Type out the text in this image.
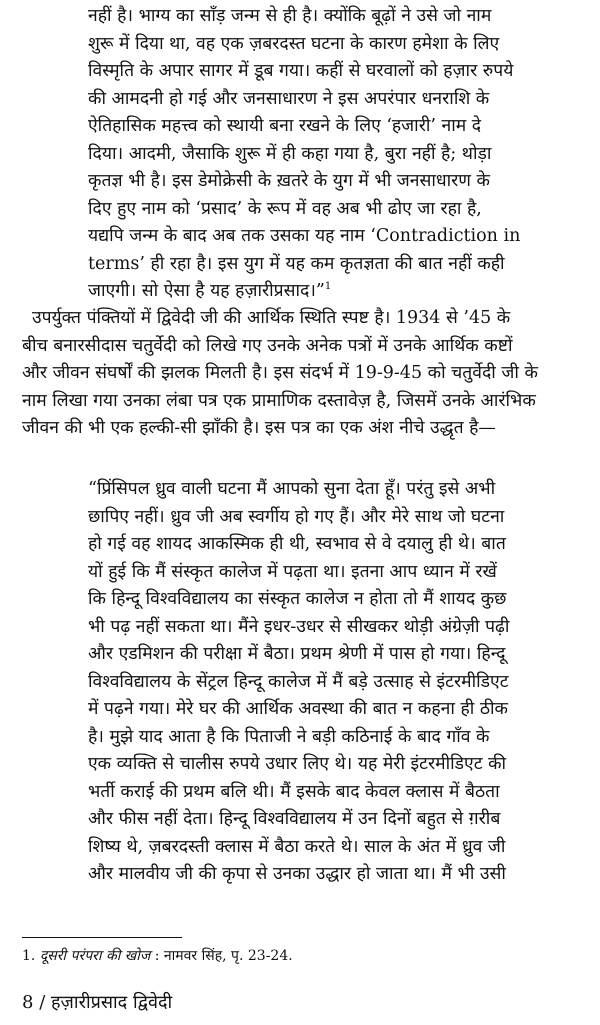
नहीं है। भाग्य का साँड़ जन्म से ही है। क्योंकि बूढ़ों ने उसे जो नाम
शुरू में दिया था, वह एक ज़बरदस्त घटना के कारण हमेशा के लिए
विस्मृति के अपार सागर में डूब गया। कहीं से घरवालों को हज़ार रुपये
की आमदनी हो गई और जनसाधारण ने इस अपरंपार धनराशि के
ऐतिहासिक महत्त्व को स्थायी बना रखने के लिए ‘हजारी’ नाम दे
दिया। आदमी, जैसाकि शुरू में ही कहा गया है, बुरा नहीं है; थोड़ा
कृतज्ञ भी है। इस डेमोक्रेसी के ख़तरे के युग में भी जनसाधारण के
दिए हुए नाम को ‘प्रसाद’ के रूप में वह अब भी ढोए जा रहा है,
यद्यपि जन्म के बाद अब तक उसका यह नाम ‘Contradiction in
terms’ ही रहा है। इस युग में यह कम कृतज्ञता की बात नहीं कही
जाएगी। सो ऐसा है यह हज़ारीप्रसाद।”$^1$
उपर्युक्त पंक्तियों में द्विवेदी जी की आर्थिक स्थिति स्पष्ट है। 1934 से ’45 के
बीच बनारसीदास चतुर्वेदी को लिखे गए उनके अनेक पत्रों में उनके आर्थिक कष्टों
और जीवन संघर्षों की झलक मिलती है। इस संदर्भ में 19-9-45 को चतुर्वेदी जी के
नाम लिखा गया उनका लंबा पत्र एक प्रामाणिक दस्तावेज़ है, जिसमें उनके आरंभिक
जीवन की भी एक हल्की-सी झाँकी है। इस पत्र का एक अंश नीचे उद्धृत है—
“प्रिंसिपल ध्रुव वाली घटना मैं आपको सुना देता हूँ। परंतु इसे अभी
छापिए नहीं। ध्रुव जी अब स्वर्गीय हो गए हैं। और मेरे साथ जो घटना
हो गई वह शायद आकस्मिक ही थी, स्वभाव से वे दयालु ही थे। बात
यों हुई कि मैं संस्कृत कालेज में पढ़ता था। इतना आप ध्यान में रखें
कि हिन्दू विश्वविद्यालय का संस्कृत कालेज न होता तो मैं शायद कुछ
भी पढ़ नहीं सकता था। मैंने इधर-उधर से सीखकर थोड़ी अंग्रेज़ी पढ़ी
और एडमिशन की परीक्षा में बैठा। प्रथम श्रेणी में पास हो गया। हिन्दू
विश्वविद्यालय के सेंट्रल हिन्दू कालेज में मैं बड़े उत्साह से इंटरमीडिएट
में पढ़ने गया। मेरे घर की आर्थिक अवस्था की बात न कहना ही ठीक
है। मुझे याद आता है कि पिताजी ने बड़ी कठिनाई के बाद गाँव के
एक व्यक्ति से चालीस रुपये उधार लिए थे। यह मेरी इंटरमीडिएट की
भर्ती कराई की प्रथम बलि थी। मैं इसके बाद केवल क्लास में बैठता
और फीस नहीं देता। हिन्दू विश्वविद्यालय में उन दिनों बहुत से ग़रीब
शिष्य थे, ज़बरदस्ती क्लास में बैठा करते थे। साल के अंत में ध्रुव जी
और मालवीय जी की कृपा से उनका उद्धार हो जाता था। मैं भी उसी
1. दूसरी परंपरा की खोज : नामवर सिंह, पृ. 23-24.
8 / हज़ारीप्रसाद द्विवेदी
